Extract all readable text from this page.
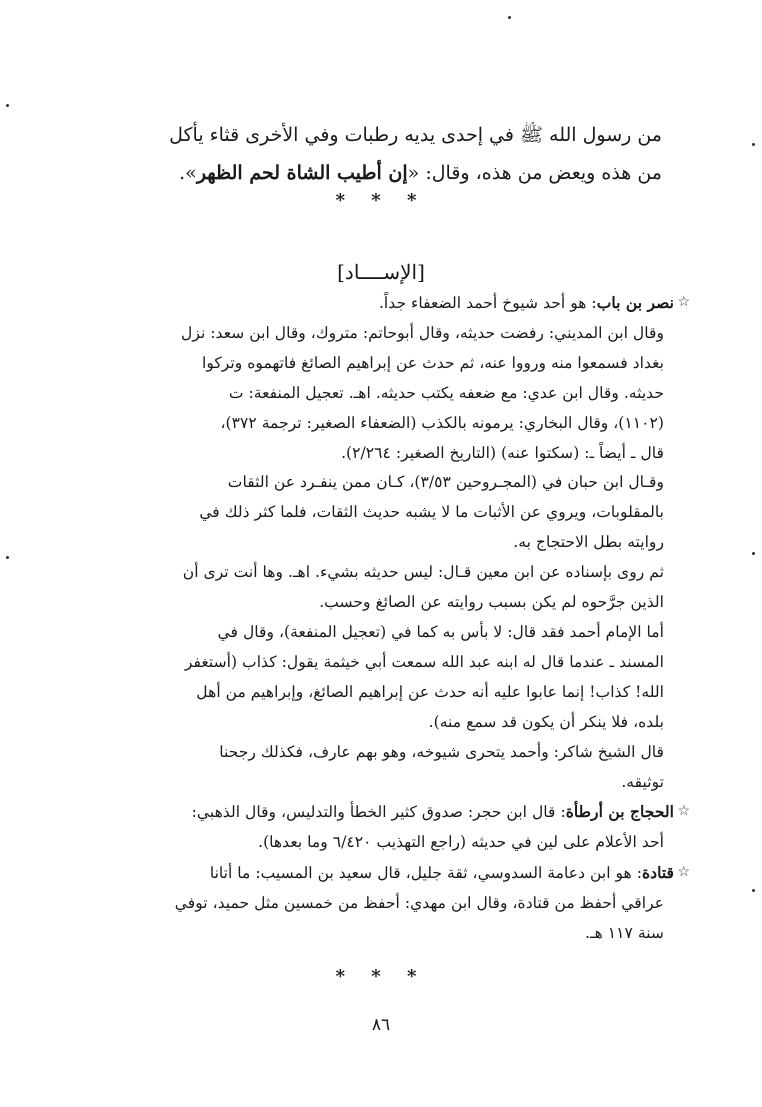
من رسول الله ﷺ في إحدى يديه رطبات وفي الأخرى قثاء يأكل
من هذه ويعض من هذه، وقال: «إن أطيب الشاة لحم الظهر».
* * *
[الإســــاد]
☆
نصر بن باب: هو أحد شيوخ أحمد الضعفاء جداً.
وقال ابن المديني: رفضت حديثه، وقال أبوحاتم: متروك، وقال ابن سعد: نزل
بغداد فسمعوا منه ورووا عنه، ثم حدث عن إبراهيم الصائغ فاتهموه وتركوا
حديثه. وقال ابن عدي: مع ضعفه يكتب حديثه. اهـ. تعجيل المنفعة: ت
(١١٠٢)، وقال البخاري: يرمونه بالكذب (الضعفاء الصغير: ترجمة ٣٧٢)،
قال ـ أيضاً ـ: (سكتوا عنه) (التاريخ الصغير: ٢/٢٦٤).
وقـال ابن حبان في (المجـروحين ٣/٥٣)، كـان ممن ينفـرد عن الثقات
بالمقلوبات، ويروي عن الأثبات ما لا يشبه حديث الثقات، فلما كثر ذلك في
روايته بطل الاحتجاج به.
ثم روى بإسناده عن ابن معين قـال: ليس حديثه بشيء. اهـ. وها أنت ترى أن
الذين جرَّحوه لم يكن بسبب روايته عن الصائغ وحسب.
أما الإمام أحمد فقد قال: لا بأس به كما في (تعجيل المنفعة)، وقال في
المسند ـ عندما قال له ابنه عبد الله سمعت أبي خيثمة يقول: كذاب (أستغفر
الله! كذاب! إنما عابوا عليه أنه حدث عن إبراهيم الصائغ، وإبراهيم من أهل
بلده، فلا ينكر أن يكون قد سمع منه).
قال الشيخ شاكر: وأحمد يتحرى شيوخه، وهو بهم عارف، فكذلك رجحنا
توثيقه.
☆
الحجاج بن أرطأة: قال ابن حجر: صدوق كثير الخطأ والتدليس، وقال الذهبي:
أحد الأعلام على لين في حديثه (راجع التهذيب ٦/٤٢٠ وما بعدها).
☆
قتادة: هو ابن دعامة السدوسي، ثقة جليل، قال سعيد بن المسيب: ما أتانا
عراقي أحفظ من قتادة، وقال ابن مهدي: أحفظ من خمسين مثل حميد، توفي
سنة ١١٧ هـ.
* * *
٨٦
